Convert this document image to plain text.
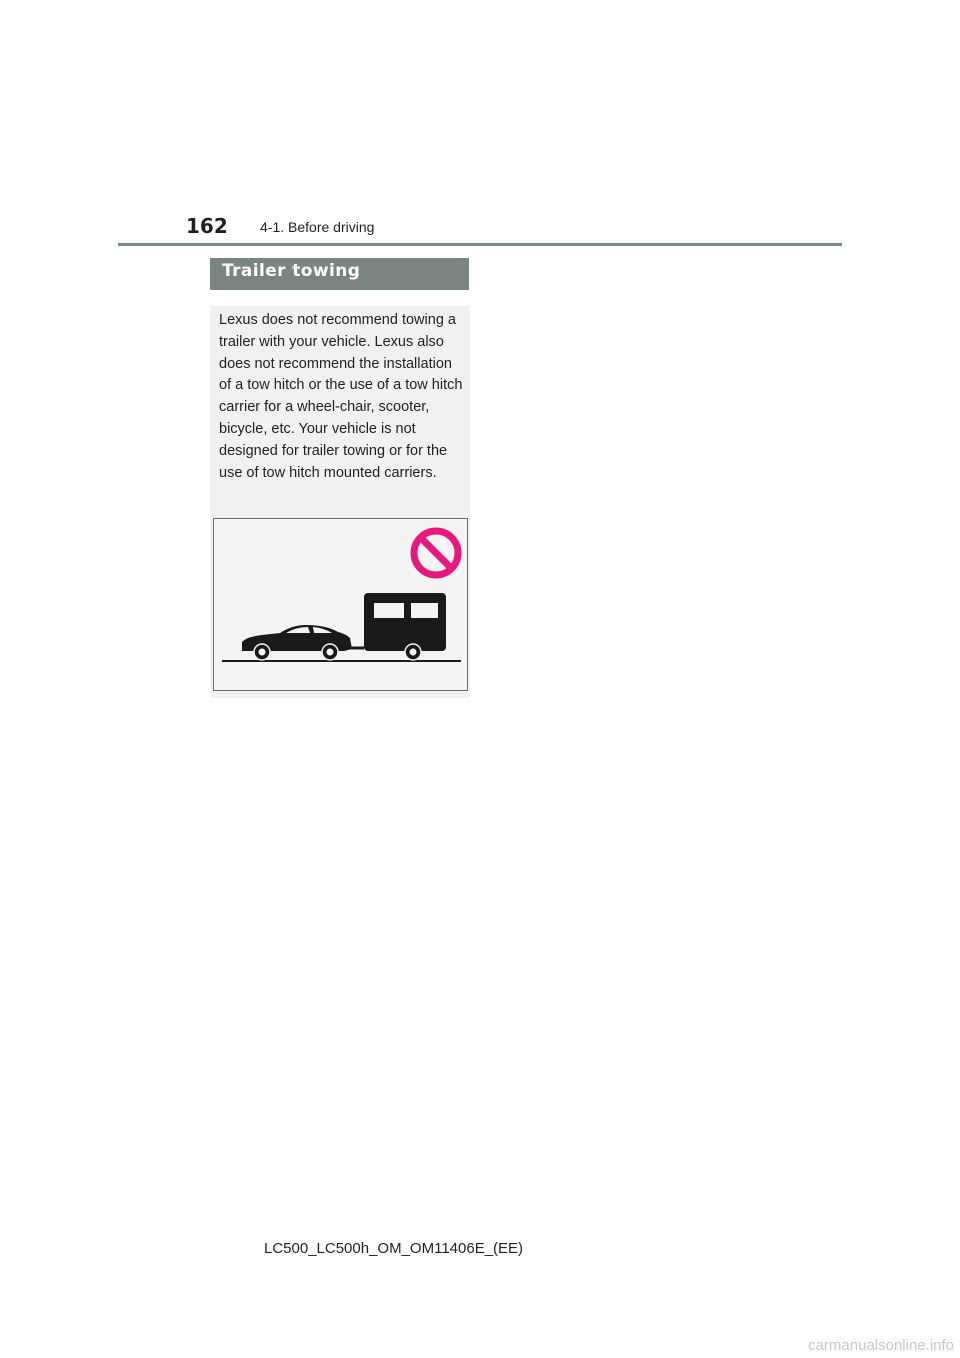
162 4-1. Before driving
Trailer towing

Lexus does not recommend towing a trailer with your vehicle. Lexus also does not recommend the installation of a tow hitch or the use of a tow hitch carrier for a wheel-chair, scooter, bicycle, etc. Your vehicle is not designed for trailer towing or for the use of tow hitch mounted carriers.

LC500_LC500h_OM_OM11406E_(EE)
carmanualsonline.info
